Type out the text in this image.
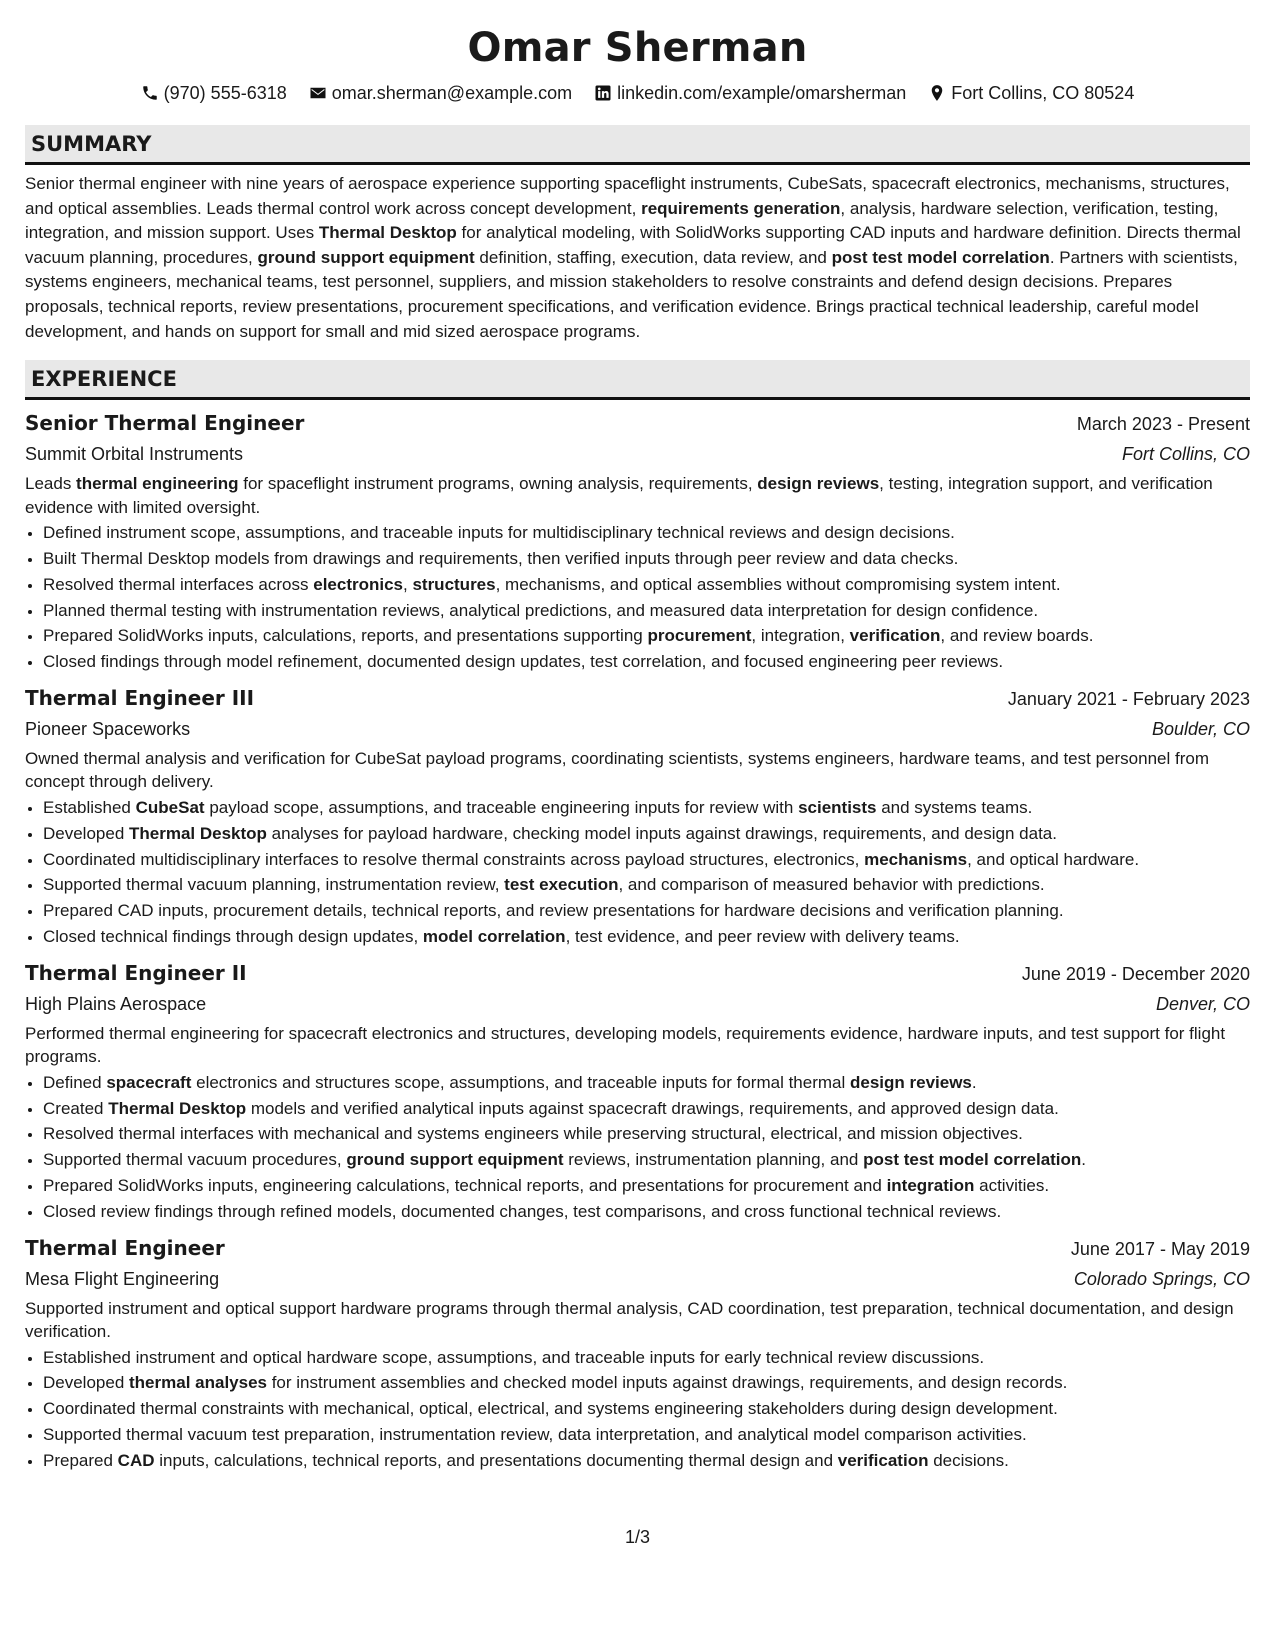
Omar Sherman
(970) 555-6318	omar.sherman@example.com	linkedin.com/example/omarsherman	Fort Collins, CO 80524
SUMMARY
Senior thermal engineer with nine years of aerospace experience supporting spaceflight instruments, CubeSats, spacecraft electronics, mechanisms, structures, and optical assemblies. Leads thermal control work across concept development, requirements generation, analysis, hardware selection, verification, testing, integration, and mission support. Uses Thermal Desktop for analytical modeling, with SolidWorks supporting CAD inputs and hardware definition. Directs thermal vacuum planning, procedures, ground support equipment definition, staffing, execution, data review, and post test model correlation. Partners with scientists, systems engineers, mechanical teams, test personnel, suppliers, and mission stakeholders to resolve constraints and defend design decisions. Prepares proposals, technical reports, review presentations, procurement specifications, and verification evidence. Brings practical technical leadership, careful model development, and hands on support for small and mid sized aerospace programs.
EXPERIENCE
Senior Thermal Engineer	March 2023 - Present
Summit Orbital Instruments	Fort Collins, CO
Leads thermal engineering for spaceflight instrument programs, owning analysis, requirements, design reviews, testing, integration support, and verification evidence with limited oversight.
• Defined instrument scope, assumptions, and traceable inputs for multidisciplinary technical reviews and design decisions.
• Built Thermal Desktop models from drawings and requirements, then verified inputs through peer review and data checks.
• Resolved thermal interfaces across electronics, structures, mechanisms, and optical assemblies without compromising system intent.
• Planned thermal testing with instrumentation reviews, analytical predictions, and measured data interpretation for design confidence.
• Prepared SolidWorks inputs, calculations, reports, and presentations supporting procurement, integration, verification, and review boards.
• Closed findings through model refinement, documented design updates, test correlation, and focused engineering peer reviews.
Thermal Engineer III	January 2021 - February 2023
Pioneer Spaceworks	Boulder, CO
Owned thermal analysis and verification for CubeSat payload programs, coordinating scientists, systems engineers, hardware teams, and test personnel from concept through delivery.
• Established CubeSat payload scope, assumptions, and traceable engineering inputs for review with scientists and systems teams.
• Developed Thermal Desktop analyses for payload hardware, checking model inputs against drawings, requirements, and design data.
• Coordinated multidisciplinary interfaces to resolve thermal constraints across payload structures, electronics, mechanisms, and optical hardware.
• Supported thermal vacuum planning, instrumentation review, test execution, and comparison of measured behavior with predictions.
• Prepared CAD inputs, procurement details, technical reports, and review presentations for hardware decisions and verification planning.
• Closed technical findings through design updates, model correlation, test evidence, and peer review with delivery teams.
Thermal Engineer II	June 2019 - December 2020
High Plains Aerospace	Denver, CO
Performed thermal engineering for spacecraft electronics and structures, developing models, requirements evidence, hardware inputs, and test support for flight programs.
• Defined spacecraft electronics and structures scope, assumptions, and traceable inputs for formal thermal design reviews.
• Created Thermal Desktop models and verified analytical inputs against spacecraft drawings, requirements, and approved design data.
• Resolved thermal interfaces with mechanical and systems engineers while preserving structural, electrical, and mission objectives.
• Supported thermal vacuum procedures, ground support equipment reviews, instrumentation planning, and post test model correlation.
• Prepared SolidWorks inputs, engineering calculations, technical reports, and presentations for procurement and integration activities.
• Closed review findings through refined models, documented changes, test comparisons, and cross functional technical reviews.
Thermal Engineer	June 2017 - May 2019
Mesa Flight Engineering	Colorado Springs, CO
Supported instrument and optical support hardware programs through thermal analysis, CAD coordination, test preparation, technical documentation, and design verification.
• Established instrument and optical hardware scope, assumptions, and traceable inputs for early technical review discussions.
• Developed thermal analyses for instrument assemblies and checked model inputs against drawings, requirements, and design records.
• Coordinated thermal constraints with mechanical, optical, electrical, and systems engineering stakeholders during design development.
• Supported thermal vacuum test preparation, instrumentation review, data interpretation, and analytical model comparison activities.
• Prepared CAD inputs, calculations, technical reports, and presentations documenting thermal design and verification decisions.
1/3
